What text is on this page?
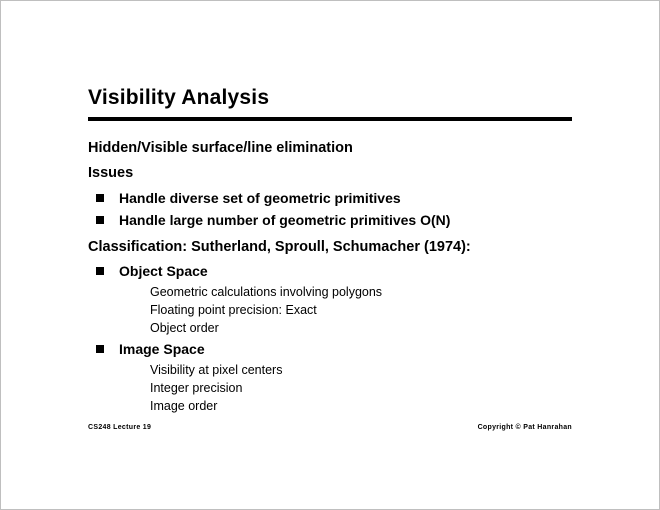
Visibility Analysis

Hidden/Visible surface/line elimination

Issues

Handle diverse set of geometric primitives

Handle large number of geometric primitives O(N)

Classification: Sutherland, Sproull, Schumacher (1974):

Object Space

Geometric calculations involving polygons

Floating point precision: Exact

Object order

Image Space

Visibility at pixel centers

Integer precision

Image order

CS248 Lecture 19	Copyright © Pat Hanrahan
